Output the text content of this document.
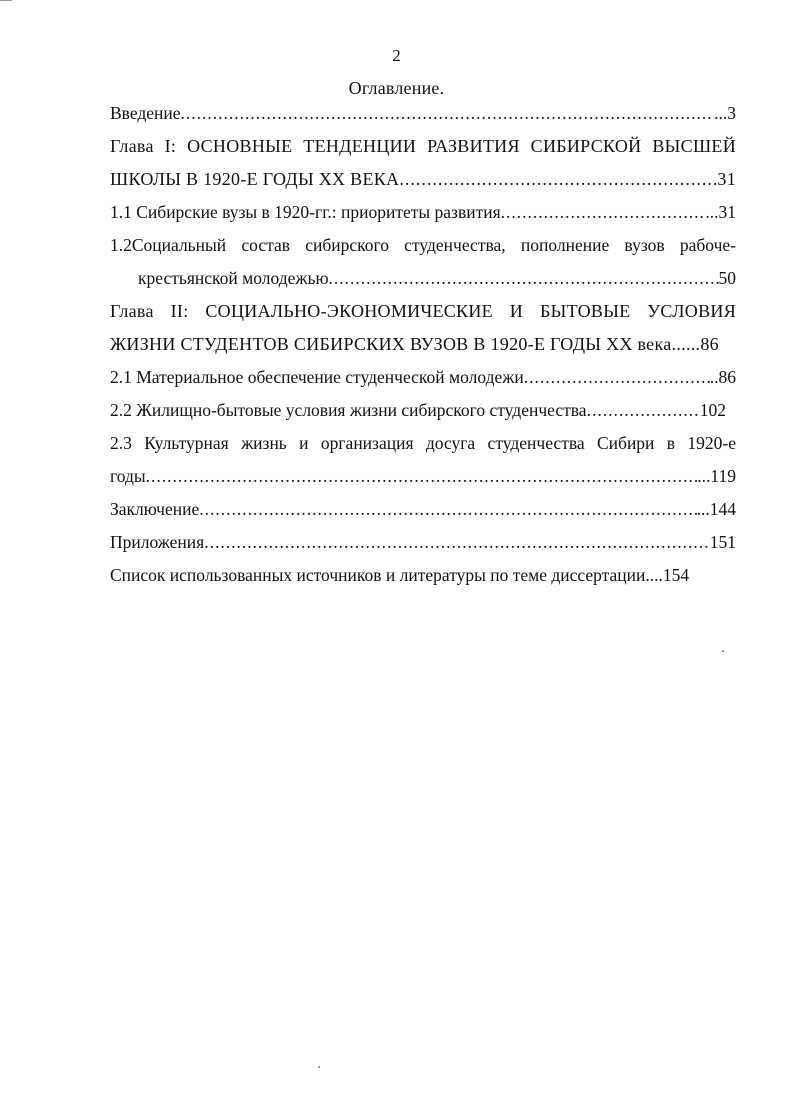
2
Оглавление.
Введение .....	...3
Глава I: ОСНОВНЫЕ ТЕНДЕНЦИИ РАЗВИТИЯ СИБИРСКОЙ ВЫСШЕЙ
ШКОЛЫ В 1920-Е ГОДЫ XX ВЕКА .....	31
1.1 Сибирские вузы в 1920-гг.: приоритеты развития .....	...31
1.2Социальный состав сибирского студенчества, пополнение вузов рабоче-
крестьянской молодежью .....	50
Глава II: СОЦИАЛЬНО-ЭКОНОМИЧЕСКИЕ И БЫТОВЫЕ УСЛОВИЯ
ЖИЗНИ СТУДЕНТОВ СИБИРСКИХ ВУЗОВ В 1920-Е ГОДЫ XX века ......86
2.1 Материальное обеспечение студенческой молодежи .....	..86
2.2 Жилищно-бытовые условия жизни сибирского студенчества .....	102
2.3 Культурная жизнь и организация досуга студенчества Сибири в 1920-е
годы .....	...119
Заключение .....	...144
Приложения .....	151
Список использованных источников и литературы по теме диссертации....154
